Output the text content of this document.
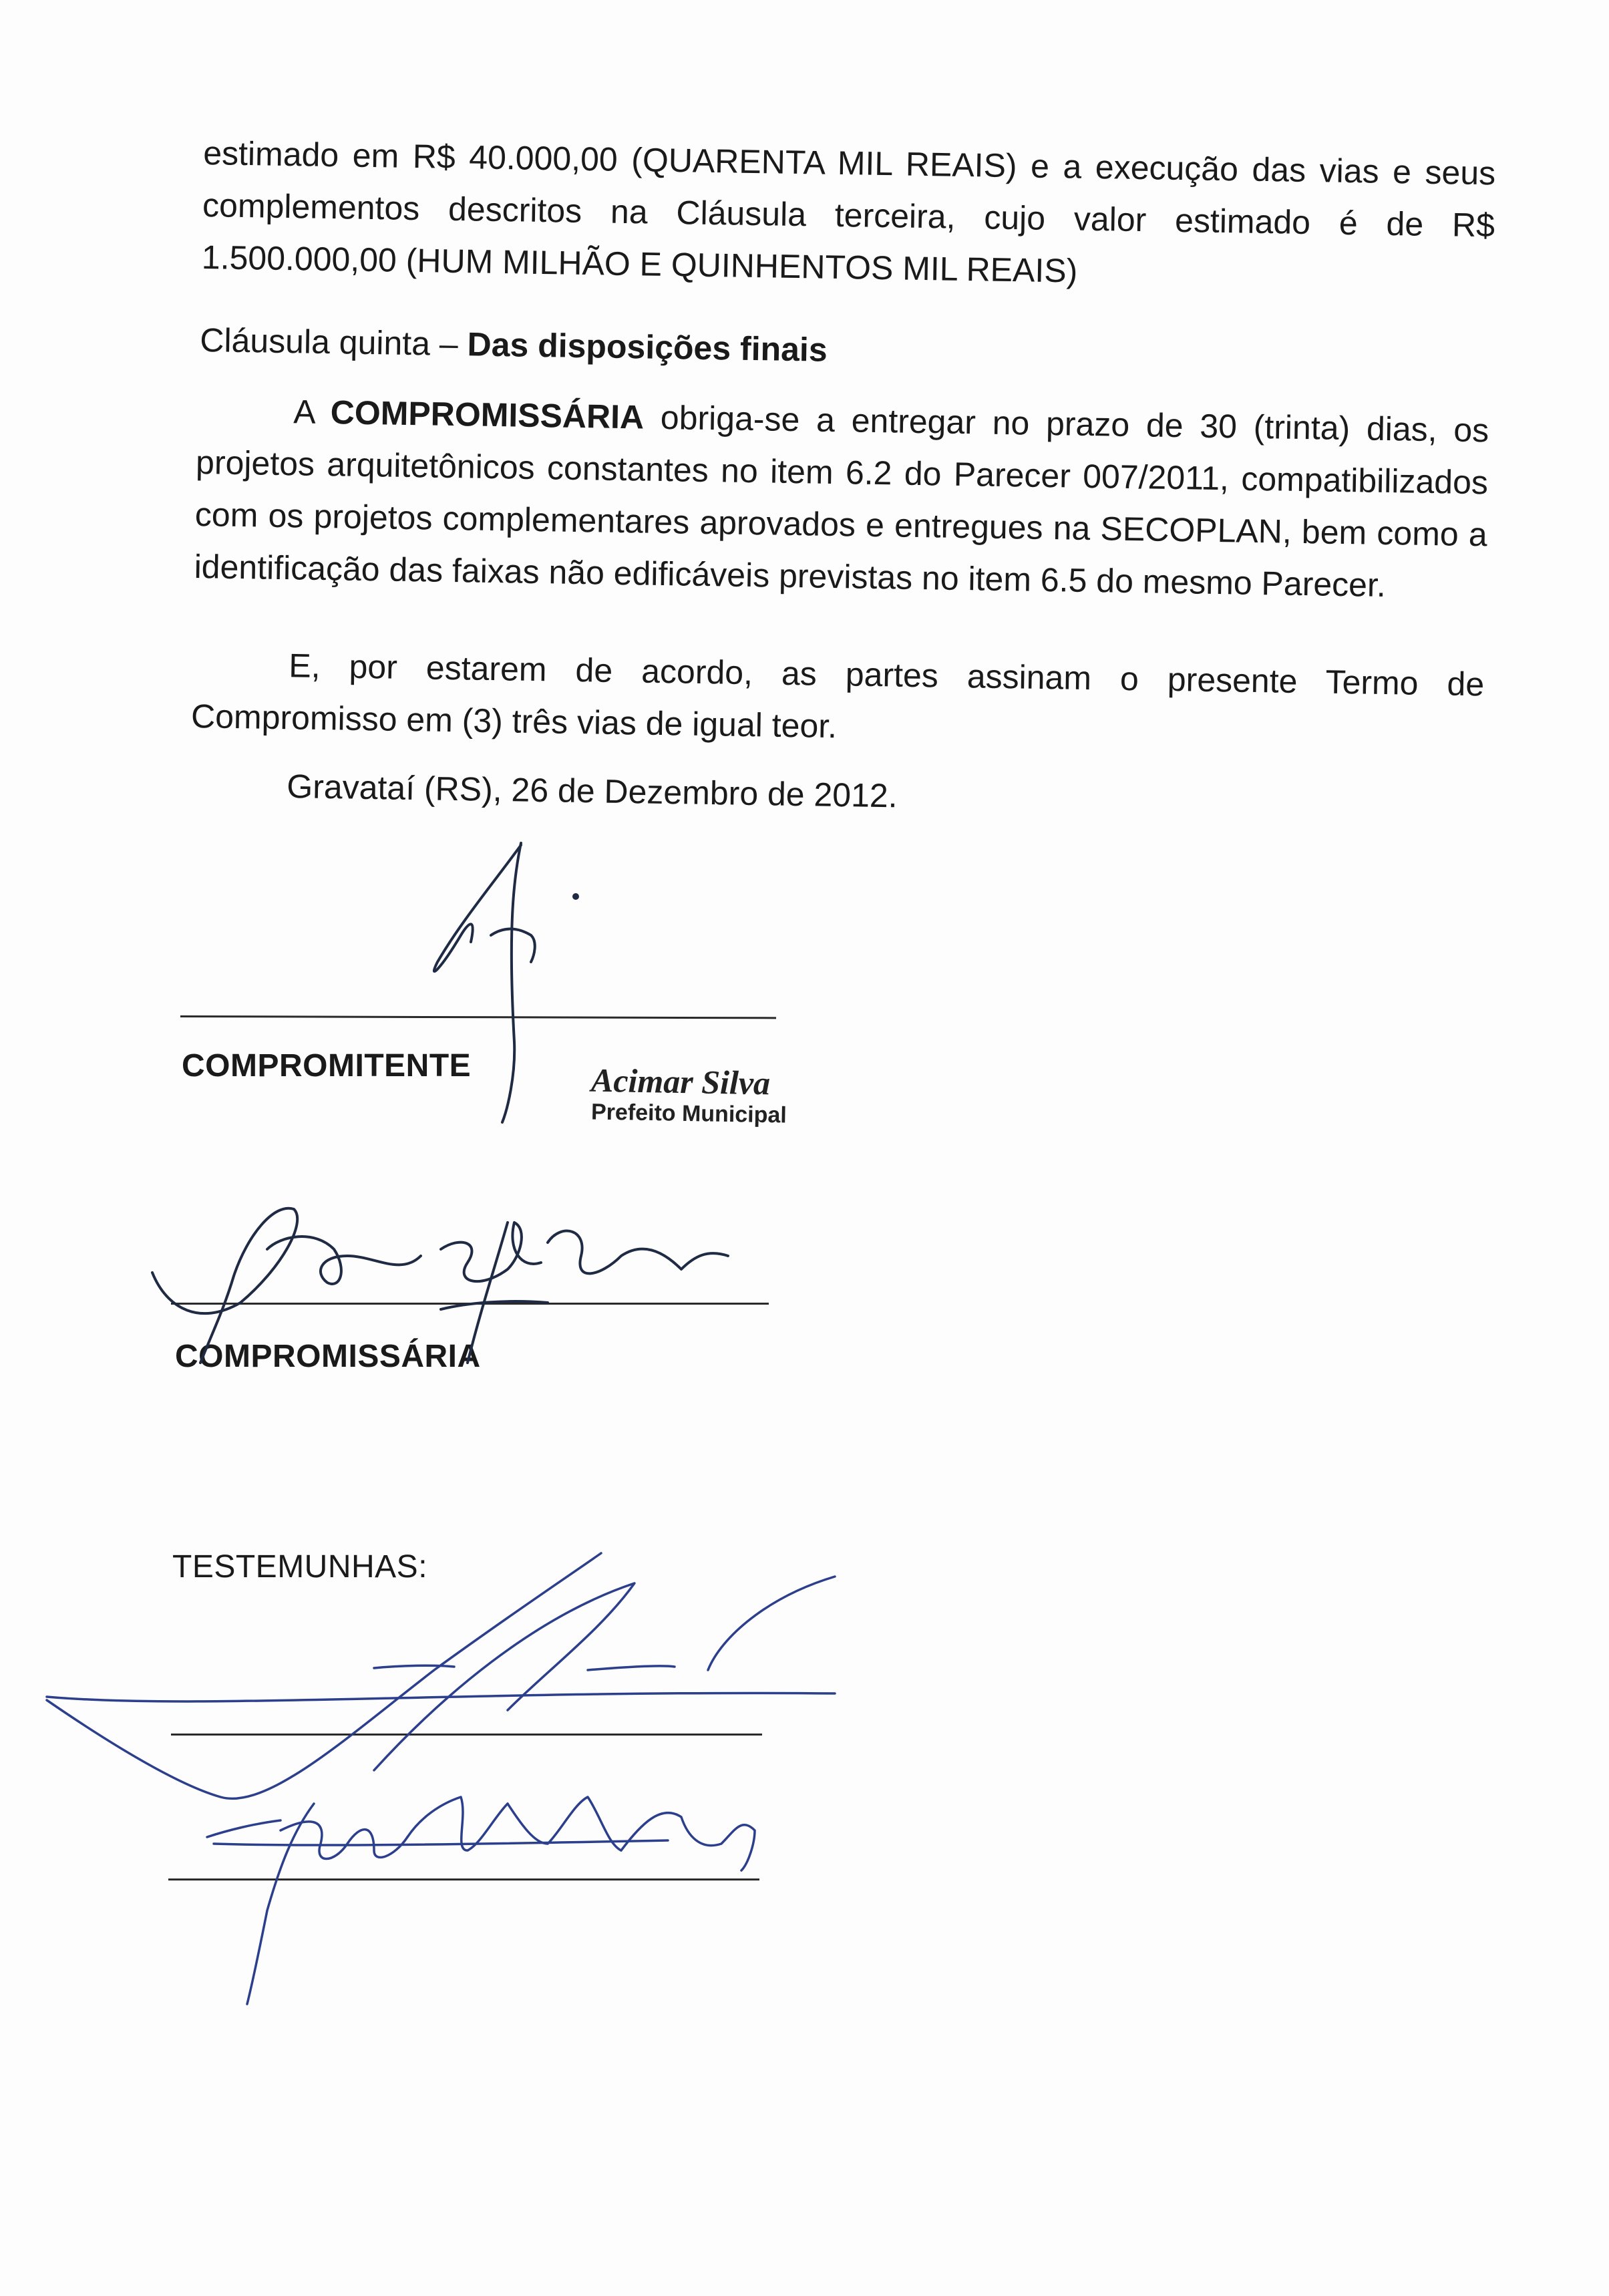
estimado em R$ 40.000,00 (QUARENTA MIL REAIS) e a execução das vias e seus complementos descritos na Cláusula terceira, cujo valor estimado é de R$ 1.500.000,00 (HUM MILHÃO E QUINHENTOS MIL REAIS)
Cláusula quinta – Das disposições finais
A COMPROMISSÁRIA obriga-se a entregar no prazo de 30 (trinta) dias, os projetos arquitetônicos constantes no item 6.2 do Parecer 007/2011, compatibilizados com os projetos complementares aprovados e entregues na SECOPLAN, bem como a identificação das faixas não edificáveis previstas no item 6.5 do mesmo Parecer.
E, por estarem de acordo, as partes assinam o presente Termo de Compromisso em (3) três vias de igual teor.
Gravataí (RS), 26 de Dezembro de 2012.
COMPROMITENTE	Acimar Silva
Prefeito Municipal
COMPROMISSÁRIA
TESTEMUNHAS:
